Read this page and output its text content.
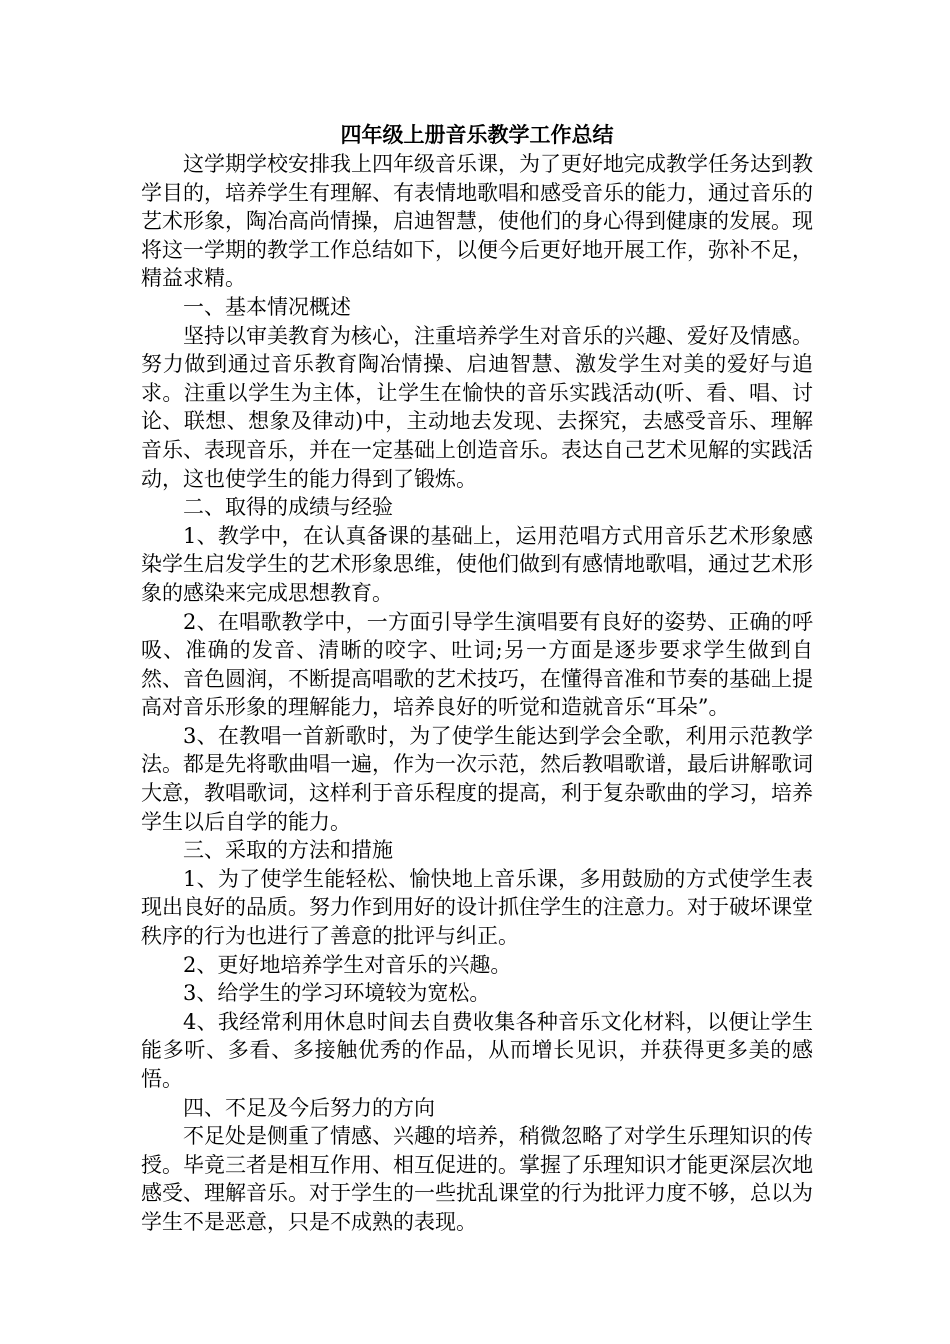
四年级上册音乐教学工作总结

这学期学校安排我上四年级音乐课，为了更好地完成教学任务达到教学目的，培养学生有理解、有表情地歌唱和感受音乐的能力，通过音乐的艺术形象，陶冶高尚情操，启迪智慧，使他们的身心得到健康的发展。现将这一学期的教学工作总结如下，以便今后更好地开展工作，弥补不足，精益求精。

一、基本情况概述

坚持以审美教育为核心，注重培养学生对音乐的兴趣、爱好及情感。努力做到通过音乐教育陶冶情操、启迪智慧、激发学生对美的爱好与追求。注重以学生为主体，让学生在愉快的音乐实践活动(听、看、唱、讨论、联想、想象及律动)中，主动地去发现、去探究，去感受音乐、理解音乐、表现音乐，并在一定基础上创造音乐。表达自己艺术见解的实践活动，这也使学生的能力得到了锻炼。

二、取得的成绩与经验

1、教学中，在认真备课的基础上，运用范唱方式用音乐艺术形象感染学生启发学生的艺术形象思维，使他们做到有感情地歌唱，通过艺术形象的感染来完成思想教育。

2、在唱歌教学中，一方面引导学生演唱要有良好的姿势、正确的呼吸、准确的发音、清晰的咬字、吐词;另一方面是逐步要求学生做到自然、音色圆润，不断提高唱歌的艺术技巧，在懂得音准和节奏的基础上提高对音乐形象的理解能力，培养良好的听觉和造就音乐“耳朵”。

3、在教唱一首新歌时，为了使学生能达到学会全歌，利用示范教学法。都是先将歌曲唱一遍，作为一次示范，然后教唱歌谱，最后讲解歌词大意，教唱歌词，这样利于音乐程度的提高，利于复杂歌曲的学习，培养学生以后自学的能力。

三、采取的方法和措施

1、为了使学生能轻松、愉快地上音乐课，多用鼓励的方式使学生表现出良好的品质。努力作到用好的设计抓住学生的注意力。对于破坏课堂秩序的行为也进行了善意的批评与纠正。

2、更好地培养学生对音乐的兴趣。

3、给学生的学习环境较为宽松。

4、我经常利用休息时间去自费收集各种音乐文化材料，以便让学生能多听、多看、多接触优秀的作品，从而增长见识，并获得更多美的感悟。

四、不足及今后努力的方向

不足处是侧重了情感、兴趣的培养，稍微忽略了对学生乐理知识的传授。毕竟三者是相互作用、相互促进的。掌握了乐理知识才能更深层次地感受、理解音乐。对于学生的一些扰乱课堂的行为批评力度不够，总以为学生不是恶意，只是不成熟的表现。
